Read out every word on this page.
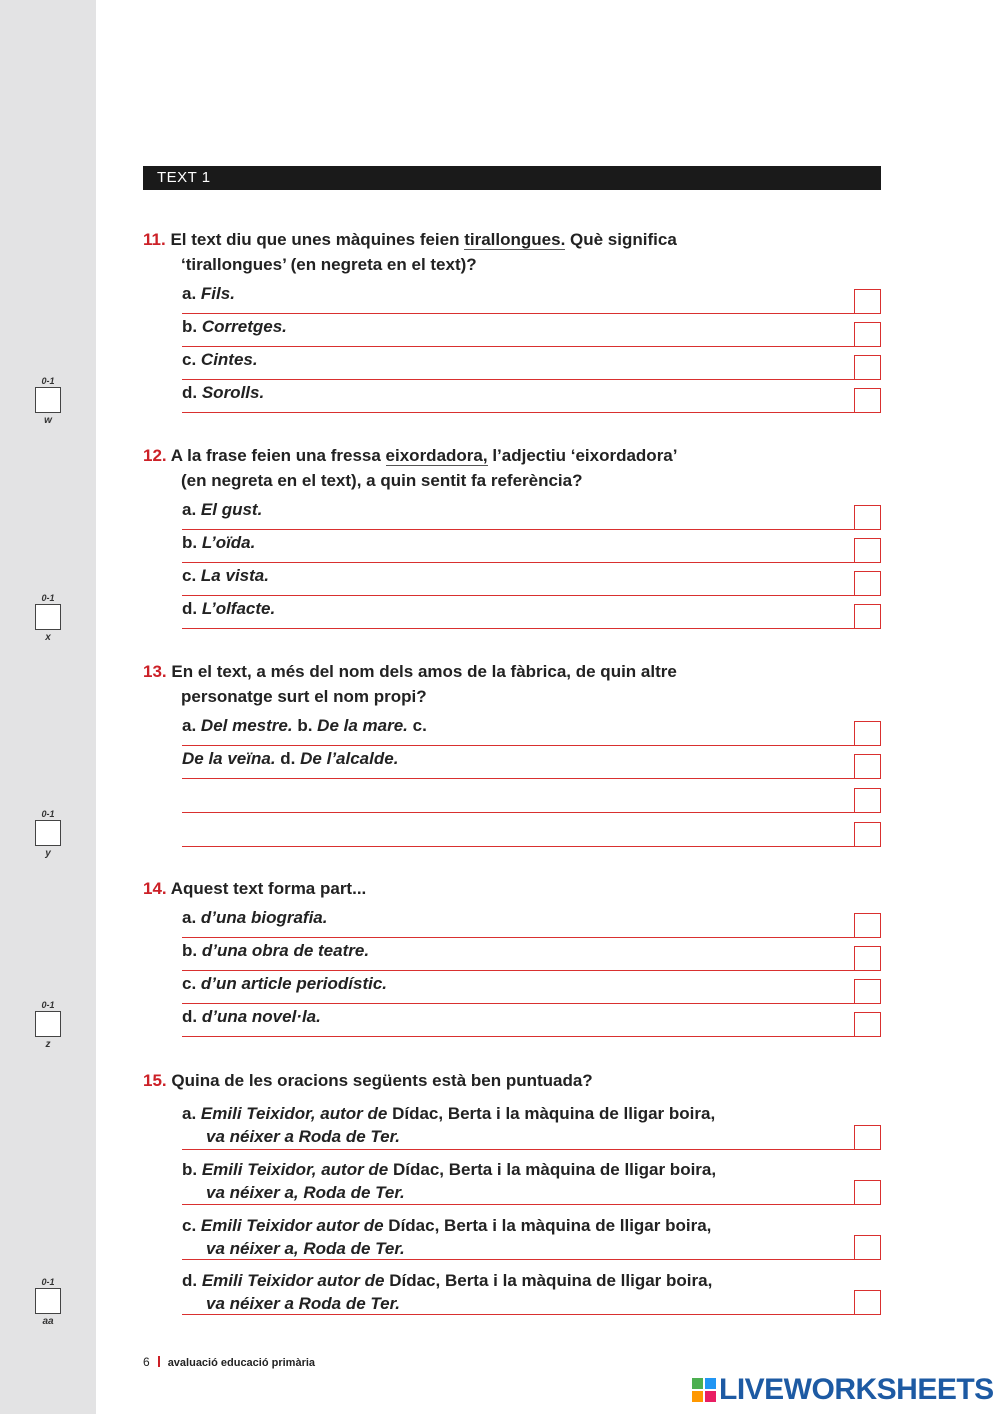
0-1
w
0-1
x
0-1
y
0-1
z
0-1
aa
TEXT 1
11. El text diu que unes màquines feien tirallongues. Què significa
‘tirallongues’ (en negreta en el text)?
a. Fils.
b. Corretges.
c. Cintes.
d. Sorolls.
12. A la frase feien una fressa eixordadora, l’adjectiu ‘eixordadora’
(en negreta en el text), a quin sentit fa referència?
a. El gust.
b. L’oïda.
c. La vista.
d. L’olfacte.
13. En el text, a més del nom dels amos de la fàbrica, de quin altre
personatge surt el nom propi?
a. Del mestre. b. De la mare. c.
De la veïna. d. De l’alcalde.
14. Aquest text forma part...
a. d’una biografia.
b. d’una obra de teatre.
c. d’un article periodístic.
d. d’una novel·la.
15. Quina de les oracions següents està ben puntuada?
a. Emili Teixidor, autor de Dídac, Berta i la màquina de lligar boira,
va néixer a Roda de Ter.
b. Emili Teixidor, autor de Dídac, Berta i la màquina de lligar boira,
va néixer a, Roda de Ter.
c. Emili Teixidor autor de Dídac, Berta i la màquina de lligar boira,
va néixer a, Roda de Ter.
d. Emili Teixidor autor de Dídac, Berta i la màquina de lligar boira,
va néixer a Roda de Ter.
6 avaluació educació primària
LIVEWORKSHEETS
